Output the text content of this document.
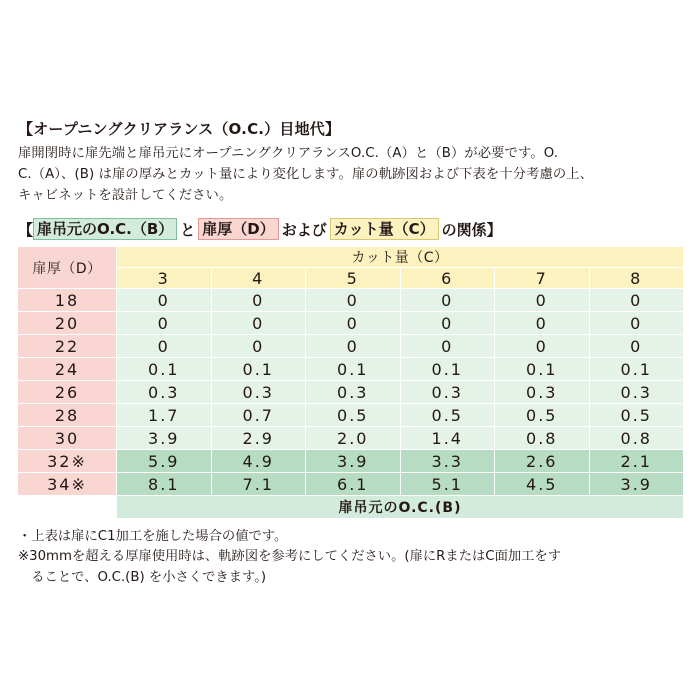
【オープニングクリアランス（O.C.）目地代】
扉開閉時に扉先端と扉吊元にオープニングクリアランスO.C.（A）と（B）が必要です。O.
C.（A）、(B) は扉の厚みとカット量により変化します。扉の軌跡図および下表を十分考慮の上、
キャビネットを設計してください。
【 扉吊元のO.C.（B） と 扉厚（D） および カット量（C） の関係】
扉厚（D）	カット量（C）					
	3	4	5	6	7	8
18	0	0	0	0	0	0
20	0	0	0	0	0	0
22	0	0	0	0	0	0
24	0.1	0.1	0.1	0.1	0.1	0.1
26	0.3	0.3	0.3	0.3	0.3	0.3
28	1.7	0.7	0.5	0.5	0.5	0.5
30	3.9	2.9	2.0	1.4	0.8	0.8
32※	5.9	4.9	3.9	3.3	2.6	2.1
34※	8.1	7.1	6.1	5.1	4.5	3.9
	扉吊元のO.C.(B)					
・上表は扉にC1加工を施した場合の値です。
※30mmを超える厚扉使用時は、軌跡図を参考にしてください。(扉にRまたはC面加工をす
　ることで、O.C.(B) を小さくできます。)
